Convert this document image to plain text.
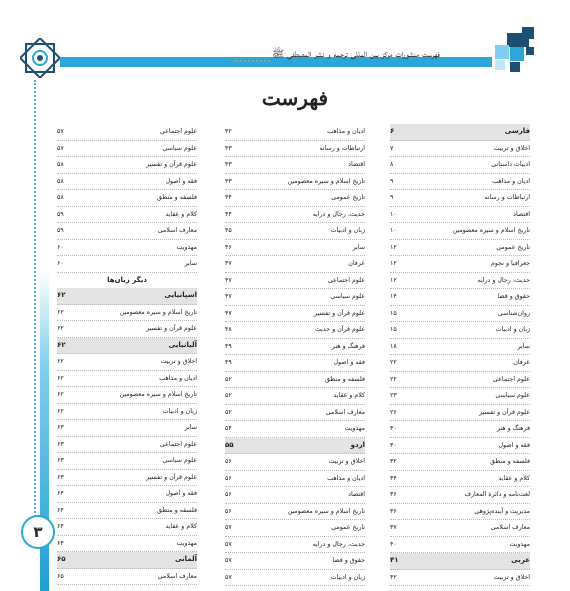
فهرست منشورات مرکز بین المللی ترجمه و نشر المصطفی ﷺ
۳
فهرست
فارسی
۶
اخلاق و تربیت
۷
ادبیات داستانی
۸
ادیان و مذاهب
۹
ارتباطات و رسانه
۹
اقتصاد
۱۰
تاریخ اسلام و سیره معصومین
۱۰
تاریخ عمومی
۱۲
جغرافیا و نجوم
۱۲
حدیث، رجال و درایه
۱۲
حقوق و قضا
۱۴
روان‌شناسی
۱۵
زبان و ادبیات
۱۵
سایر
۱۸
عرفان
۲۲
علوم اجتماعی
۲۲
علوم سیاسی
۲۳
علوم قرآن و تفسیر
۲۶
فرهنگ و هنر
۳۰
فقه و اصول
۳۰
فلسفه و منطق
۳۲
کلام و عقاید
۳۴
لغت‌نامه و دائرة المعارف
۳۶
مدیریت و آینده‌پژوهی
۳۶
معارف اسلامی
۳۷
مهدویت
۴۰
عربی
۴۱
اخلاق و تربیت
۴۲
ادیان و مذاهب
۴۲
ارتباطات و رسانه
۴۳
اقتصاد
۴۳
تاریخ اسلام و سیره معصومین
۴۳
تاریخ عمومی
۴۴
حدیث، رجال و درایه
۴۴
زبان و ادبیات
۴۵
سایر
۴۶
عرفان
۴۷
علوم اجتماعی
۴۷
علوم سیاسی
۴۷
علوم قرآن و تفسیر
۴۷
علوم قرآن و حدیث
۴۸
فرهنگ و هنر
۴۹
فقه و اصول
۴۹
فلسفه و منطق
۵۲
کلام و عقاید
۵۲
معارف اسلامی
۵۲
مهدویت
۵۴
اردو
۵۵
اخلاق و تربیت
۵۶
ادیان و مذاهب
۵۶
اقتصاد
۵۶
تاریخ اسلام و سیره معصومین
۵۶
تاریخ عمومی
۵۷
حدیث، رجال و درایه
۵۷
حقوق و قضا
۵۷
زبان و ادبیات
۵۷
علوم اجتماعی
۵۷
علوم سیاسی
۵۷
علوم قرآن و تفسیر
۵۸
فقه و اصول
۵۸
فلسفه و منطق
۵۸
کلام و عقاید
۵۹
معارف اسلامی
۵۹
مهدویت
۶۰
سایر
۶۰
دیگر زبان‌ها
اسپانیایی
۶۲
تاریخ اسلام و سیره معصومین
۶۲
علوم قرآن و تفسیر
۶۲
آلبانیایی
۶۲
اخلاق و تربیت
۶۲
ادیان و مذاهب
۶۲
تاریخ اسلام و سیره معصومین
۶۲
زبان و ادبیات
۶۲
سایر
۶۳
علوم اجتماعی
۶۳
علوم سیاسی
۶۳
علوم قرآن و تفسیر
۶۳
فقه و اصول
۶۴
فلسفه و منطق
۶۴
کلام و عقاید
۶۴
مهدویت
۶۴
آلمانی
۶۵
معارف اسلامی
۶۵
